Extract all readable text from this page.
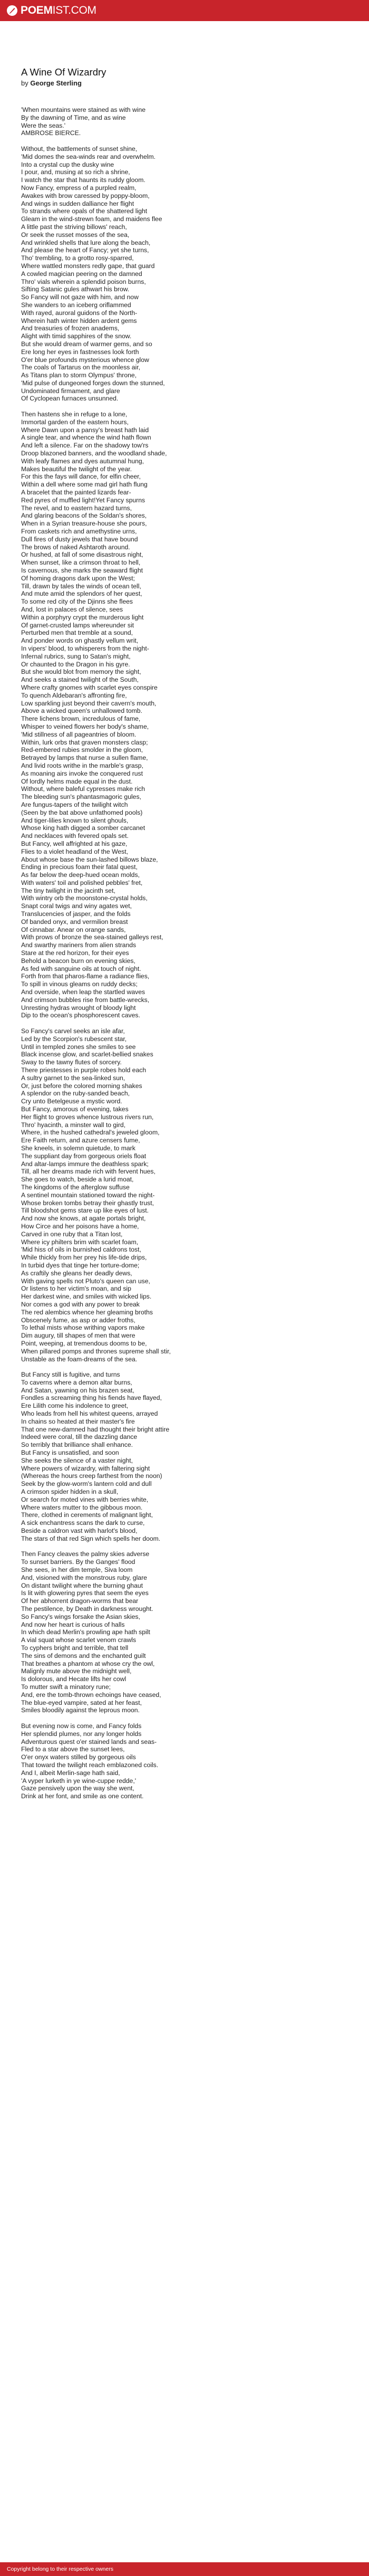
POEM IST.COM
A Wine Of Wizardry
by George Sterling
'When mountains were stained as with wine
By the dawning of Time, and as wine
Were the seas.'
AMBROSE BIERCE.
Without, the battlements of sunset shine,
'Mid domes the sea-winds rear and overwhelm.
Into a crystal cup the dusky wine
I pour, and, musing at so rich a shrine,
I watch the star that haunts its ruddy gloom.
Now Fancy, empress of a purpled realm,
Awakes with brow caressed by poppy-bloom,
And wings in sudden dalliance her flight
To strands where opals of the shattered light
Gleam in the wind-strewn foam, and maidens flee
A little past the striving billows' reach,
Or seek the russet mosses of the sea,
And wrinkled shells that lure along the beach,
And please the heart of Fancy; yet she turns,
Tho' trembling, to a grotto rosy-sparred,
Where wattled monsters redly gape, that guard
A cowled magician peering on the damned
Thro' vials wherein a splendid poison burns,
Sifting Satanic gules athwart his brow.
So Fancy will not gaze with him, and now
She wanders to an iceberg oriflammed
With rayed, auroral guidons of the North-
Wherein hath winter hidden ardent gems
And treasuries of frozen anadems,
Alight with timid sapphires of the snow.
But she would dream of warmer gems, and so
Ere long her eyes in fastnesses look forth
O'er blue profounds mysterious whence glow
The coals of Tartarus on the moonless air,
As Titans plan to storm Olympus' throne,
'Mid pulse of dungeoned forges down the stunned,
Undominated firmament, and glare
Of Cyclopean furnaces unsunned.
Then hastens she in refuge to a lone,
Immortal garden of the eastern hours,
Where Dawn upon a pansy's breast hath laid
A single tear, and whence the wind hath flown
And left a silence. Far on the shadowy tow'rs
Droop blazoned banners, and the woodland shade,
With leafy flames and dyes autumnal hung,
Makes beautiful the twilight of the year.
For this the fays will dance, for elfin cheer,
Within a dell where some mad girl hath flung
A bracelet that the painted lizards fear-
Red pyres of muffled light!Yet Fancy spurns
The revel, and to eastern hazard turns,
And glaring beacons of the Soldan's shores,
When in a Syrian treasure-house she pours,
From caskets rich and amethystine urns,
Dull fires of dusty jewels that have bound
The brows of naked Ashtaroth around.
Or hushed, at fall of some disastrous night,
When sunset, like a crimson throat to hell,
Is cavernous, she marks the seaward flight
Of homing dragons dark upon the West;
Till, drawn by tales the winds of ocean tell,
And mute amid the splendors of her quest,
To some red city of the Djinns she flees
And, lost in palaces of silence, sees
Within a porphyry crypt the murderous light
Of garnet-crusted lamps whereunder sit
Perturbed men that tremble at a sound,
And ponder words on ghastly vellum writ,
In vipers' blood, to whisperers from the night-
Infernal rubrics, sung to Satan's might,
Or chaunted to the Dragon in his gyre.
But she would blot from memory the sight,
And seeks a stained twilight of the South,
Where crafty gnomes with scarlet eyes conspire
To quench Aldebaran's affronting fire,
Low sparkling just beyond their cavern's mouth,
Above a wicked queen's unhallowed tomb.
There lichens brown, incredulous of fame,
Whisper to veined flowers her body's shame,
'Mid stillness of all pageantries of bloom.
Within, lurk orbs that graven monsters clasp;
Red-embered rubies smolder in the gloom,
Betrayed by lamps that nurse a sullen flame,
And livid roots writhe in the marble's grasp,
As moaning airs invoke the conquered rust
Of lordly helms made equal in the dust.
Without, where baleful cypresses make rich
The bleeding sun's phantasmagoric gules,
Are fungus-tapers of the twilight witch
(Seen by the bat above unfathomed pools)
And tiger-lilies known to silent ghouls,
Whose king hath digged a somber carcanet
And necklaces with fevered opals set.
But Fancy, well affrighted at his gaze,
Flies to a violet headland of the West,
About whose base the sun-lashed billows blaze,
Ending in precious foam their fatal quest,
As far below the deep-hued ocean molds,
With waters' toil and polished pebbles' fret,
The tiny twilight in the jacinth set,
With wintry orb the moonstone-crystal holds,
Snapt coral twigs and winy agates wet,
Translucencies of jasper, and the folds
Of banded onyx, and vermilion breast
Of cinnabar. Anear on orange sands,
With prows of bronze the sea-stained galleys rest,
And swarthy mariners from alien strands
Stare at the red horizon, for their eyes
Behold a beacon burn on evening skies,
As fed with sanguine oils at touch of night.
Forth from that pharos-flame a radiance flies,
To spill in vinous gleams on ruddy decks;
And overside, when leap the startled waves
And crimson bubbles rise from battle-wrecks,
Unresting hydras wrought of bloody light
Dip to the ocean's phosphorescent caves.
So Fancy's carvel seeks an isle afar,
Led by the Scorpion's rubescent star,
Until in templed zones she smiles to see
Black incense glow, and scarlet-bellied snakes
Sway to the tawny flutes of sorcery.
There priestesses in purple robes hold each
A sultry garnet to the sea-linked sun,
Or, just before the colored morning shakes
A splendor on the ruby-sanded beach,
Cry unto Betelgeuse a mystic word.
But Fancy, amorous of evening, takes
Her flight to groves whence lustrous rivers run,
Thro' hyacinth, a minster wall to gird,
Where, in the hushed cathedral's jeweled gloom,
Ere Faith return, and azure censers fume,
She kneels, in solemn quietude, to mark
The suppliant day from gorgeous oriels float
And altar-lamps immure the deathless spark;
Till, all her dreams made rich with fervent hues,
She goes to watch, beside a lurid moat,
The kingdoms of the afterglow suffuse
A sentinel mountain stationed toward the night-
Whose broken tombs betray their ghastly trust,
Till bloodshot gems stare up like eyes of lust.
And now she knows, at agate portals bright,
How Circe and her poisons have a home,
Carved in one ruby that a Titan lost,
Where icy philters brim with scarlet foam,
'Mid hiss of oils in burnished caldrons tost,
While thickly from her prey his life-tide drips,
In turbid dyes that tinge her torture-dome;
As craftily she gleans her deadly dews,
With gaving spells not Pluto's queen can use,
Or listens to her victim's moan, and sip
Her darkest wine, and smiles with wicked lips.
Nor comes a god with any power to break
The red alembics whence her gleaming broths
Obscenely fume, as asp or adder froths,
To lethal mists whose writhing vapors make
Dim augury, till shapes of men that were
Point, weeping, at tremendous dooms to be,
When pillared pomps and thrones supreme shall stir,
Unstable as the foam-dreams of the sea.
But Fancy still is fugitive, and turns
To caverns where a demon altar burns,
And Satan, yawning on his brazen seat,
Fondles a screaming thing his fiends have flayed,
Ere Lilith come his indolence to greet,
Who leads from hell his whitest queens, arrayed
In chains so heated at their master's fire
That one new-damned had thought their bright attire
Indeed were coral, till the dazzling dance
So terribly that brilliance shall enhance.
But Fancy is unsatisfied, and soon
She seeks the silence of a vaster night,
Where powers of wizardry, with faltering sight
(Whereas the hours creep farthest from the noon)
Seek by the glow-worm's lantern cold and dull
A crimson spider hidden in a skull,
Or search for moted vines with berries white,
Where waters mutter to the gibbous moon.
There, clothed in cerements of malignant light,
A sick enchantress scans the dark to curse,
Beside a caldron vast with harlot's blood,
The stars of that red Sign which spells her doom.
Then Fancy cleaves the palmy skies adverse
To sunset barriers. By the Ganges' flood
She sees, in her dim temple, Siva loom
And, visioned with the monstrous ruby, glare
On distant twilight where the burning ghaut
Is lit with glowering pyres that seem the eyes
Of her abhorrent dragon-worms that bear
The pestilence, by Death in darkness wrought.
So Fancy's wings forsake the Asian skies,
And now her heart is curious of halls
In which dead Merlin's prowling ape hath spilt
A vial squat whose scarlet venom crawls
To cyphers bright and terrible, that tell
The sins of demons and the enchanted guilt
That breathes a phantom at whose cry the owl,
Malignly mute above the midnight well,
Is dolorous, and Hecate lifts her cowl
To mutter swift a minatory rune;
And, ere the tomb-thrown echoings have ceased,
The blue-eyed vampire, sated at her feast,
Smiles bloodily against the leprous moon.
But evening now is come, and Fancy folds
Her splendid plumes, nor any longer holds
Adventurous quest o'er stained lands and seas-
Fled to a star above the sunset lees,
O'er onyx waters stilled by gorgeous oils
That toward the twilight reach emblazoned coils.
And I, albeit Merlin-sage hath said,
'A vyper lurketh in ye wine-cuppe redde,'
Gaze pensively upon the way she went,
Drink at her font, and smile as one content.
Copyright belong to their respective owners
